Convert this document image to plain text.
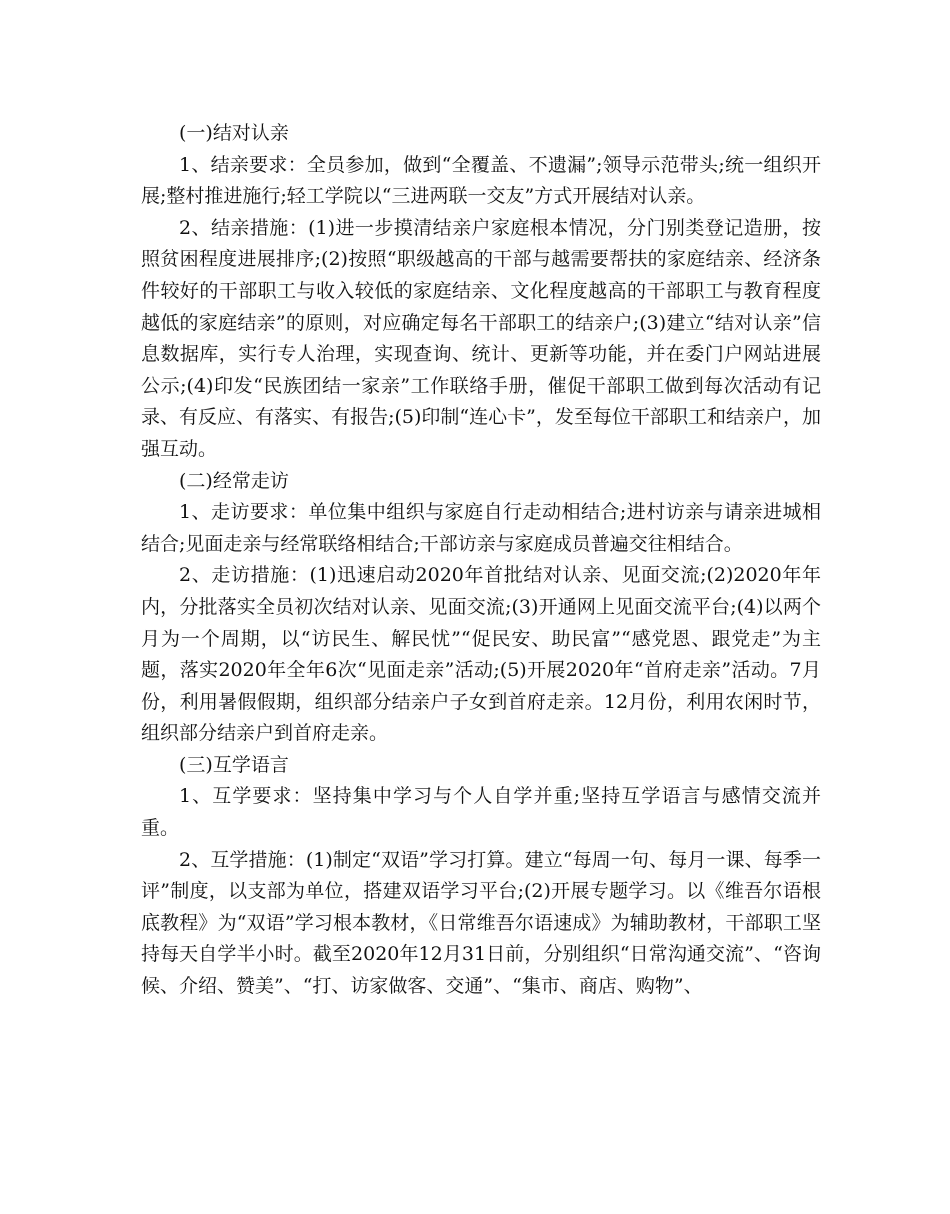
(一)结对认亲

1、结亲要求：全员参加，做到“全覆盖、不遗漏”;领导示范带头;统一组织开展;整村推进施行;轻工学院以“三进两联一交友”方式开展结对认亲。

2、结亲措施：(1)进一步摸清结亲户家庭根本情况，分门别类登记造册，按照贫困程度进展排序;(2)按照“职级越高的干部与越需要帮扶的家庭结亲、经济条件较好的干部职工与收入较低的家庭结亲、文化程度越高的干部职工与教育程度越低的家庭结亲”的原则，对应确定每名干部职工的结亲户;(3)建立“结对认亲”信息数据库，实行专人治理，实现查询、统计、更新等功能，并在委门户网站进展公示;(4)印发“民族团结一家亲”工作联络手册，催促干部职工做到每次活动有记录、有反应、有落实、有报告;(5)印制“连心卡”，发至每位干部职工和结亲户，加强互动。

(二)经常走访

1、走访要求：单位集中组织与家庭自行走动相结合;进村访亲与请亲进城相结合;见面走亲与经常联络相结合;干部访亲与家庭成员普遍交往相结合。

2、走访措施：(1)迅速启动2020年首批结对认亲、见面交流;(2)2020年年内，分批落实全员初次结对认亲、见面交流;(3)开通网上见面交流平台;(4)以两个月为一个周期，以“访民生、解民忧”“促民安、助民富”“感党恩、跟党走”为主题，落实2020年全年6次“见面走亲”活动;(5)开展2020年“首府走亲”活动。7月份，利用暑假假期，组织部分结亲户子女到首府走亲。12月份，利用农闲时节，组织部分结亲户到首府走亲。

(三)互学语言

1、互学要求：坚持集中学习与个人自学并重;坚持互学语言与感情交流并重。

2、互学措施：(1)制定“双语”学习打算。建立“每周一句、每月一课、每季一评”制度，以支部为单位，搭建双语学习平台;(2)开展专题学习。以《维吾尔语根底教程》为“双语”学习根本教材，《日常维吾尔语速成》为辅助教材，干部职工坚持每天自学半小时。截至2020年12月31日前，分别组织“日常沟通交流”、“咨询候、介绍、赞美”、“打、访家做客、交通”、“集市、商店、购物”、
